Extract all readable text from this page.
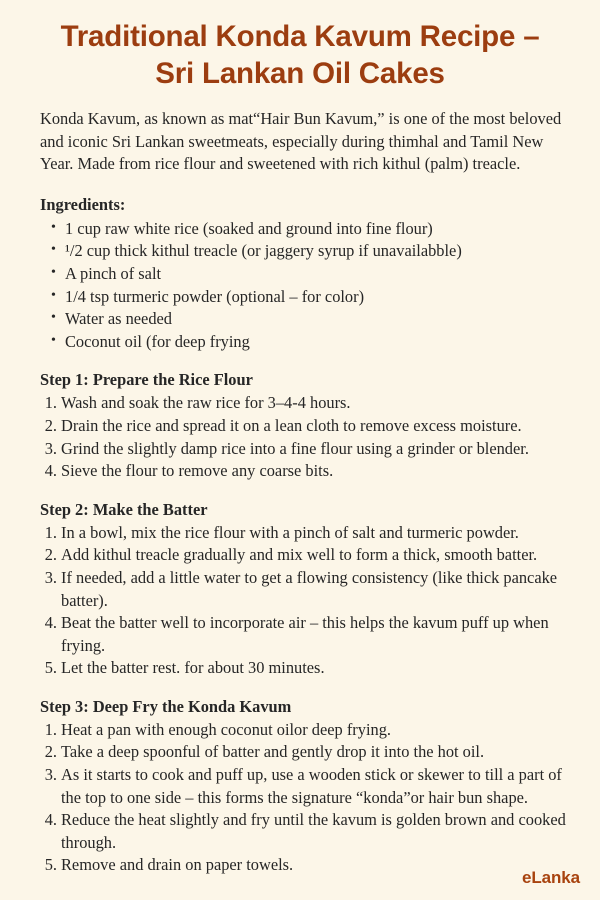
Traditional Konda Kavum Recipe –
Sri Lankan Oil Cakes

Konda Kavum, as known as mat“Hair Bun Kavum,” is one of the most beloved and iconic Sri Lankan sweetmeats, especially during thimhal and Tamil New Year. Made from rice flour and sweetened with rich kithul (palm) treacle.

Ingredients:
• 1 cup raw white rice (soaked and ground into fine flour)
• ¹/2 cup thick kithul treacle (or jaggery syrup if unavailabble)
• A pinch of salt
• 1/4 tsp turmeric powder (optional – for color)
• Water as needed
• Coconut oil (for deep frying
Step 1: Prepare the Rice Flour
Wash and soak the raw rice for 3–4-4 hours.
Drain the rice and spread it on a lean cloth to remove excess moisture.
Grind the slightly damp rice into a fine flour using a grinder or blender.
Sieve the flour to remove any coarse bits.
Step 2: Make the Batter
In a bowl, mix the rice flour with a pinch of salt and turmeric powder.
Add kithul treacle gradually and mix well to form a thick, smooth batter.
If needed, add a little water to get a flowing consistency (like thick pancake batter).
Beat the batter well to incorporate air – this helps the kavum puff up when frying.
Let the batter rest. for about 30 minutes.
Step 3: Deep Fry the Konda Kavum
Heat a pan with enough coconut oilor deep frying.
Take a deep spoonful of batter and gently drop it into the hot oil.
As it starts to cook and puff up, use a wooden stick or skewer to till a part of the top to one side – this forms the signature “konda”or hair bun shape.
Reduce the heat slightly and fry until the kavum is golden brown and cooked through.
Remove and drain on paper towels.
eLanka
